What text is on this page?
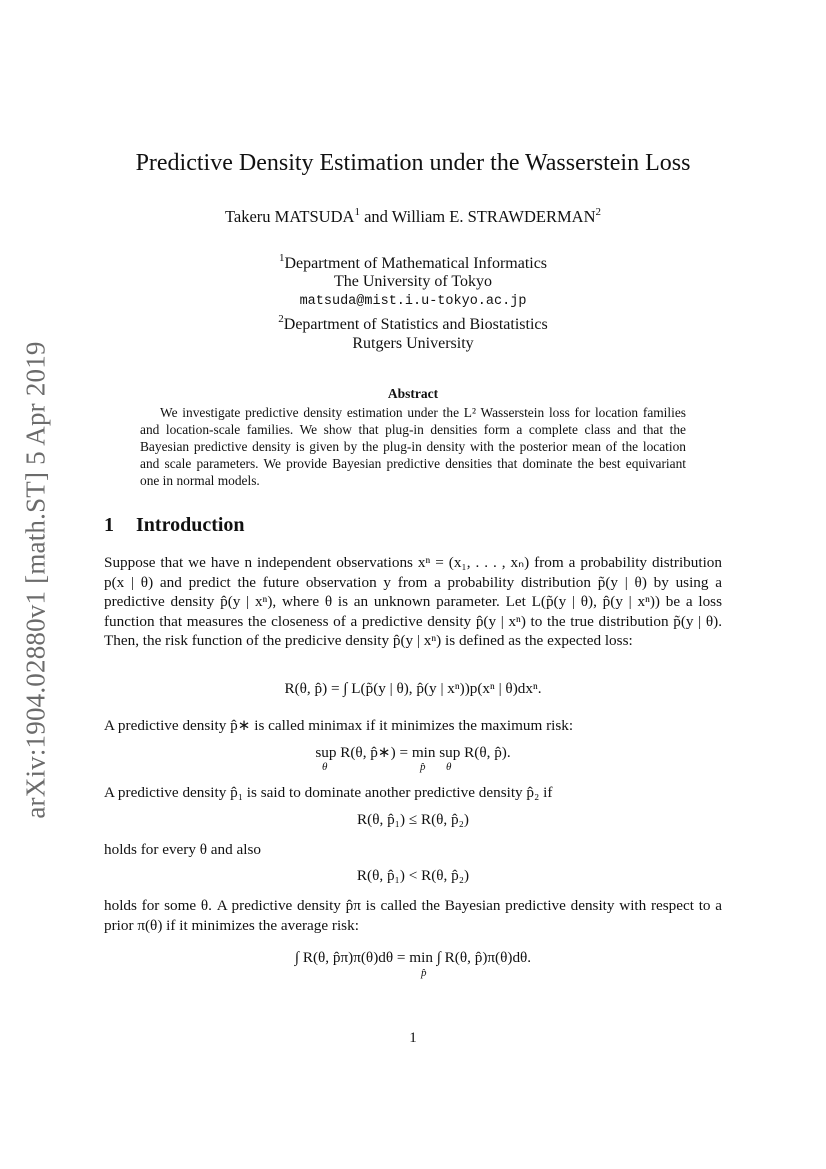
arXiv:1904.02880v1 [math.ST] 5 Apr 2019
Predictive Density Estimation under the Wasserstein Loss
Takeru MATSUDA$^1$ and William E. STRAWDERMAN$^2$
$^1$Department of Mathematical Informatics
The University of Tokyo
matsuda@mist.i.u-tokyo.ac.jp
$^2$Department of Statistics and Biostatistics
Rutgers University
Abstract
We investigate predictive density estimation under the L² Wasserstein loss for location families and location-scale families. We show that plug-in densities form a complete class and that the Bayesian predictive density is given by the plug-in density with the posterior mean of the location and scale parameters. We provide Bayesian predictive densities that dominate the best equivariant one in normal models.
1 Introduction
Suppose that we have n independent observations xⁿ = (x₁, . . . , xₙ) from a probability distribution p(x | θ) and predict the future observation y from a probability distribution p̃(y | θ) by using a predictive density p̂(y | xⁿ), where θ is an unknown parameter. Let L(p̃(y | θ), p̂(y | xⁿ)) be a loss function that measures the closeness of a predictive density p̂(y | xⁿ) to the true distribution p̃(y | θ). Then, the risk function of the predicive density p̂(y | xⁿ) is defined as the expected loss:
R(θ, p̂) = ∫ L(p̃(y | θ), p̂(y | xⁿ))p(xⁿ | θ)dxⁿ.
A predictive density p̂∗ is called minimax if it minimizes the maximum risk:
sup R(θ, p̂∗) = min sup R(θ, p̂).
θ	p̂ θ
A predictive density p̂₁ is said to dominate another predictive density p̂₂ if
R(θ, p̂₁) ≤ R(θ, p̂₂)
holds for every θ and also
R(θ, p̂₁) < R(θ, p̂₂)
holds for some θ. A predictive density p̂π is called the Bayesian predictive density with respect to a prior π(θ) if it minimizes the average risk:
∫ R(θ, p̂π)π(θ)dθ = min ∫ R(θ, p̂)π(θ)dθ.
p̂
1
